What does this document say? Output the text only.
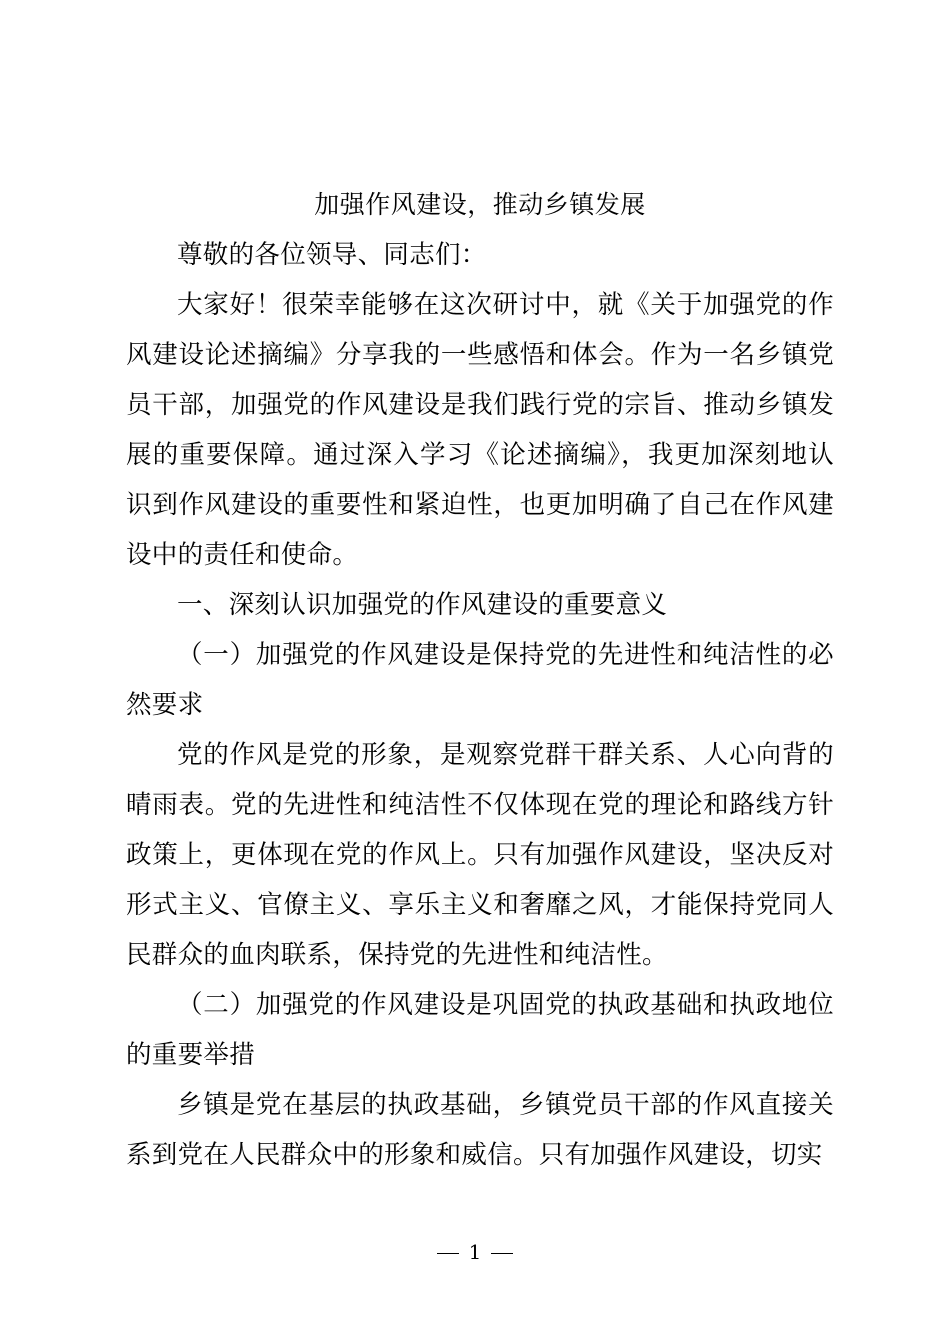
加强作风建设，推动乡镇发展

尊敬的各位领导、同志们：

大家好！很荣幸能够在这次研讨中，就《关于加强党的作风建设论述摘编》分享我的一些感悟和体会。作为一名乡镇党员干部，加强党的作风建设是我们践行党的宗旨、推动乡镇发展的重要保障。通过深入学习《论述摘编》，我更加深刻地认识到作风建设的重要性和紧迫性，也更加明确了自己在作风建设中的责任和使命。

一、深刻认识加强党的作风建设的重要意义

（一）加强党的作风建设是保持党的先进性和纯洁性的必然要求

党的作风是党的形象，是观察党群干群关系、人心向背的晴雨表。党的先进性和纯洁性不仅体现在党的理论和路线方针政策上，更体现在党的作风上。只有加强作风建设，坚决反对形式主义、官僚主义、享乐主义和奢靡之风，才能保持党同人民群众的血肉联系，保持党的先进性和纯洁性。

（二）加强党的作风建设是巩固党的执政基础和执政地位的重要举措

乡镇是党在基层的执政基础，乡镇党员干部的作风直接关系到党在人民群众中的形象和威信。只有加强作风建设，切实

1
